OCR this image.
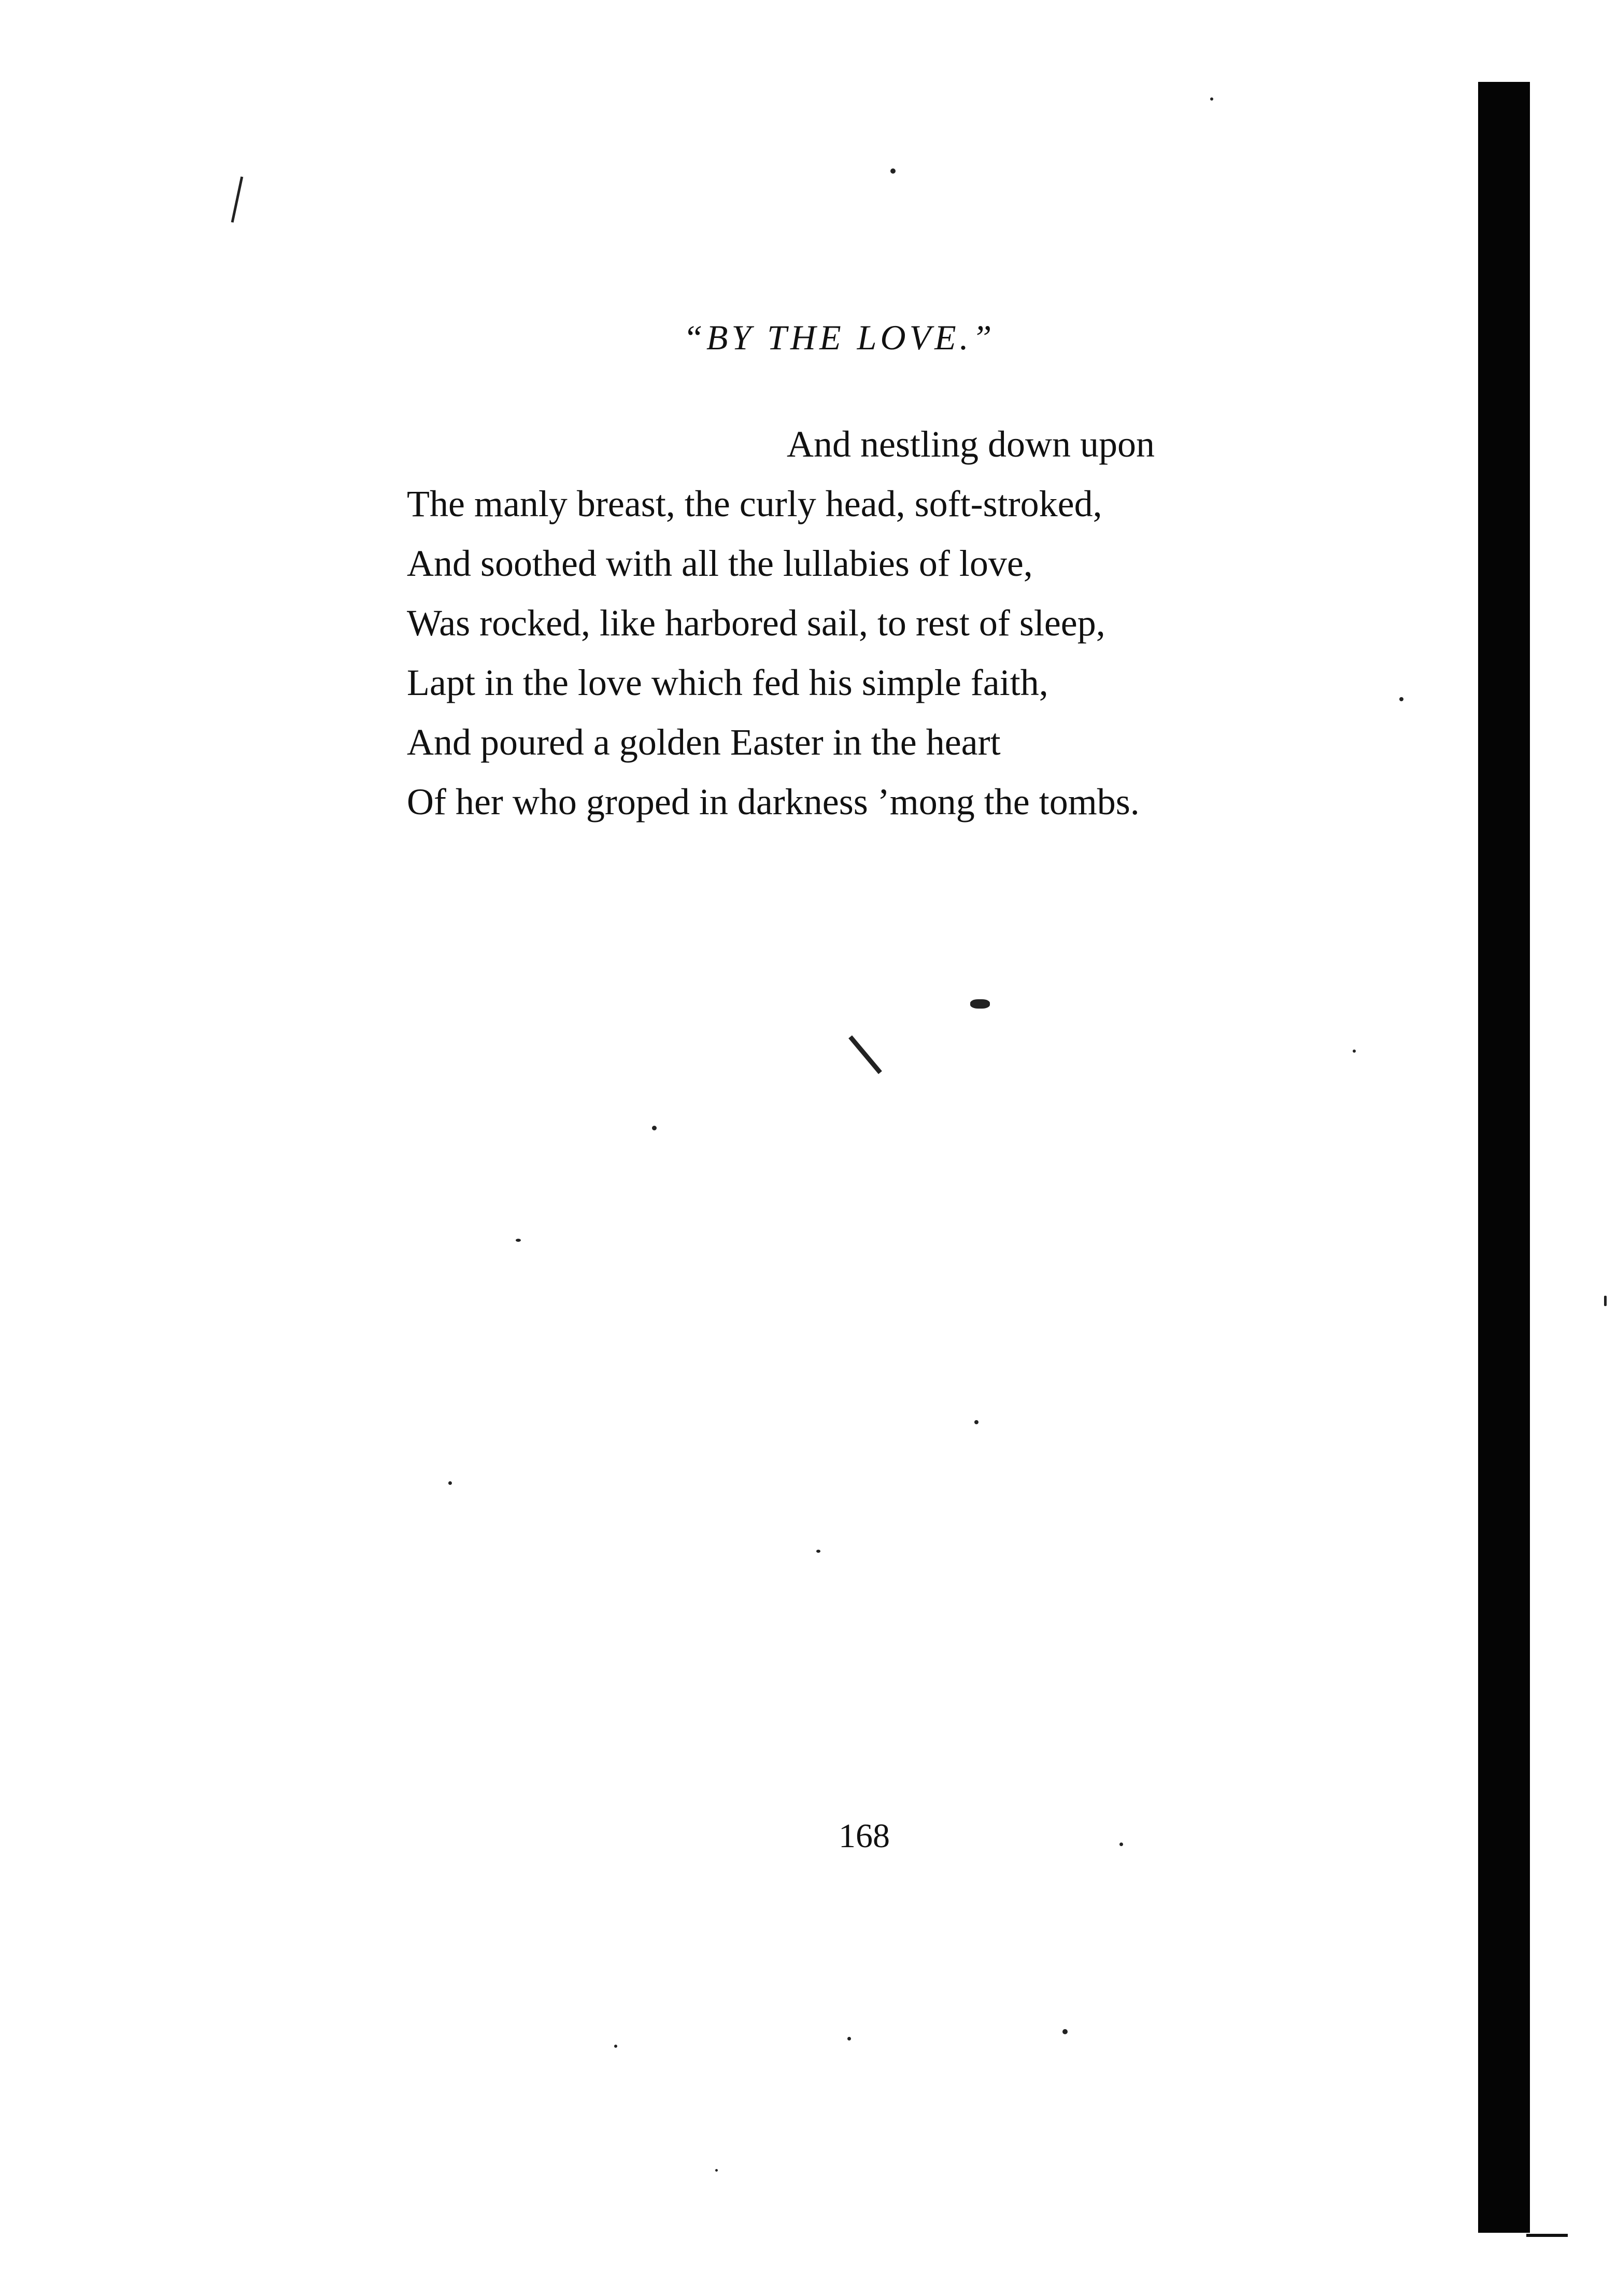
“BY THE LOVE.”
And nestling down upon
The manly breast, the curly head, soft-stroked,
And soothed with all the lullabies of love,
Was rocked, like harbored sail, to rest of sleep,
Lapt in the love which fed his simple faith,
And poured a golden Easter in the heart
Of her who groped in darkness ’mong the tombs.
168
